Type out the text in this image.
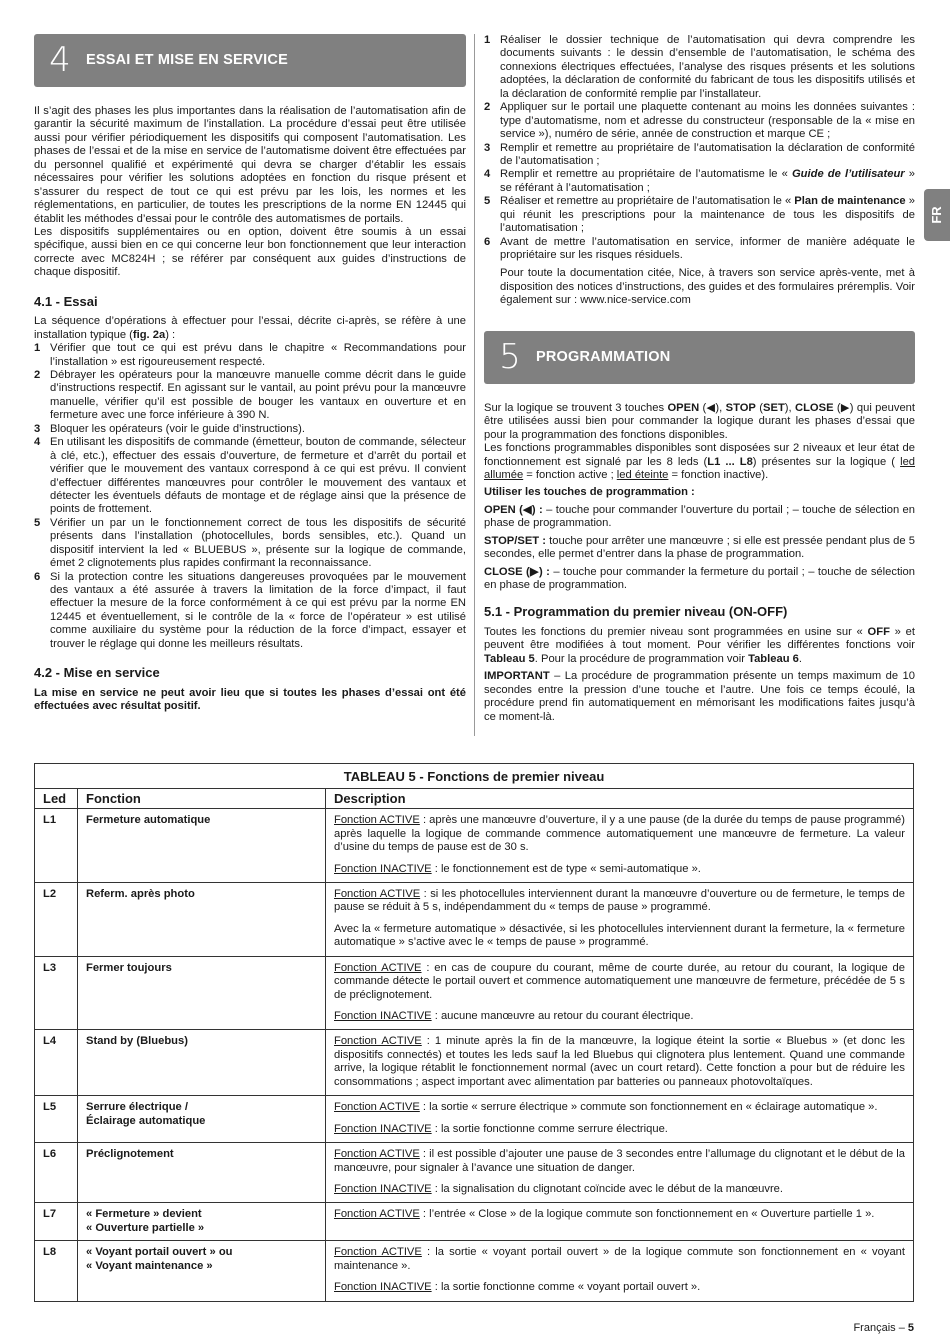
4	ESSAI ET MISE EN SERVICE

Il s’agit des phases les plus importantes dans la réalisation de l’automatisation afin de garantir la sécurité maximum de l’installation. La procédure d’essai peut être utilisée aussi pour vérifier périodiquement les dispositifs qui composent l’automatisation. Les phases de l’essai et de la mise en service de l’automatisme doivent être effectuées par du personnel qualifié et expérimenté qui devra se charger d’établir les essais nécessaires pour vérifier les solutions adoptées en fonction du risque présent et s’assurer du respect de tout ce qui est prévu par les lois, les normes et les réglementations, en particulier, de toutes les prescriptions de la norme EN 12445 qui établit les méthodes d’essai pour le contrôle des automatismes de portails.

Les dispositifs supplémentaires ou en option, doivent être soumis à un essai spécifique, aussi bien en ce qui concerne leur bon fonctionnement que leur interaction correcte avec MC824H ; se référer par conséquent aux guides d’instructions de chaque dispositif.

4.1 - Essai

La séquence d’opérations à effectuer pour l’essai, décrite ci-après, se réfère à une installation typique (fig. 2a) :

1 Vérifier que tout ce qui est prévu dans le chapitre « Recommandations pour l’installation » est rigoureusement respecté.
2 Débrayer les opérateurs pour la manœuvre manuelle comme décrit dans le guide d’instructions respectif. En agissant sur le vantail, au point prévu pour la manœuvre manuelle, vérifier qu’il est possible de bouger les vantaux en ouverture et en fermeture avec une force inférieure à 390 N.
3 Bloquer les opérateurs (voir le guide d’instructions).
4 En utilisant les dispositifs de commande (émetteur, bouton de commande, sélecteur à clé, etc.), effectuer des essais d’ouverture, de fermeture et d’arrêt du portail et vérifier que le mouvement des vantaux correspond à ce qui est prévu. Il convient d’effectuer différentes manœuvres pour contrôler le mouvement des vantaux et détecter les éventuels défauts de montage et de réglage ainsi que la présence de points de frottement.
5 Vérifier un par un le fonctionnement correct de tous les dispositifs de sécurité présents dans l’installation (photocellules, bords sensibles, etc.). Quand un dispositif intervient la led « BLUEBUS », présente sur la logique de commande, émet 2 clignotements plus rapides confirmant la reconnaissance.
6 Si la protection contre les situations dangereuses provoquées par le mouvement des vantaux a été assurée à travers la limitation de la force d’impact, il faut effectuer la mesure de la force conformément à ce qui est prévu par la norme EN 12445 et éventuellement, si le contrôle de la « force de l’opérateur » est utilisé comme auxiliaire du système pour la réduction de la force d’impact, essayer et trouver le réglage qui donne les meilleurs résultats.
4.2 - Mise en service

La mise en service ne peut avoir lieu que si toutes les phases d’essai ont été effectuées avec résultat positif.

1 Réaliser le dossier technique de l’automatisation qui devra comprendre les documents suivants : le dessin d’ensemble de l’automatisation, le schéma des connexions électriques effectuées, l’analyse des risques présents et les solutions adoptées, la déclaration de conformité du fabricant de tous les dispositifs utilisés et la déclaration de conformité remplie par l’installateur.
2 Appliquer sur le portail une plaquette contenant au moins les données suivantes : type d’automatisme, nom et adresse du constructeur (responsable de la « mise en service »), numéro de série, année de construction et marque CE ;
3 Remplir et remettre au propriétaire de l’automatisation la déclaration de conformité de l’automatisation ;
4 Remplir et remettre au propriétaire de l’automatisme le « Guide de l’utilisateur » se référant à l’automatisation ;
5 Réaliser et remettre au propriétaire de l’automatisation le « Plan de maintenance » qui réunit les prescriptions pour la maintenance de tous les dispositifs de l’automatisation ;
6 Avant de mettre l’automatisation en service, informer de manière adéquate le propriétaire sur les risques résiduels.

Pour toute la documentation citée, Nice, à travers son service après-vente, met à disposition des notices d’instructions, des guides et des formulaires préremplis. Voir également sur : www.nice-service.com

5	PROGRAMMATION

Sur la logique se trouvent 3 touches OPEN (◀), STOP (SET), CLOSE (▶) qui peuvent être utilisées aussi bien pour commander la logique durant les phases d’essai que pour la programmation des fonctions disponibles.

Les fonctions programmables disponibles sont disposées sur 2 niveaux et leur état de fonctionnement est signalé par les 8 leds (L1 ... L8) présentes sur la logique ( led allumée = fonction active ; led éteinte = fonction inactive).

Utiliser les touches de programmation :

OPEN (◀) : – touche pour commander l’ouverture du portail ; – touche de sélection en phase de programmation.

STOP/SET : touche pour arrêter une manœuvre ; si elle est pressée pendant plus de 5 secondes, elle permet d’entrer dans la phase de programmation.

CLOSE (▶) : – touche pour commander la fermeture du portail ; – touche de sélection en phase de programmation.

5.1 - Programmation du premier niveau (ON-OFF)

Toutes les fonctions du premier niveau sont programmées en usine sur « OFF » et peuvent être modifiées à tout moment. Pour vérifier les différentes fonctions voir Tableau 5. Pour la procédure de programmation voir Tableau 6.

IMPORTANT – La procédure de programmation présente un temps maximum de 10 secondes entre la pression d’une touche et l’autre. Une fois ce temps écoulé, la procédure prend fin automatiquement en mémorisant les modifications faites jusqu’à ce moment-là.

FR
TABLEAU 5 - Fonctions de premier niveau
Led	Fonction	Description
L1	Fermeture automatique	Fonction ACTIVE : après une manœuvre d’ouverture, il y a une pause (de la durée du temps de pause programmé) après laquelle la logique de commande commence automatiquement une manœuvre de fermeture. La valeur d’usine du temps de pause est de 30 s.

Fonction INACTIVE : le fonctionnement est de type « semi-automatique ».

L2	Referm. après photo	Fonction ACTIVE : si les photocellules interviennent durant la manœuvre d’ouverture ou de fermeture, le temps de pause se réduit à 5 s, indépendamment du « temps de pause » programmé.

Avec la « fermeture automatique » désactivée, si les photocellules interviennent durant la fermeture, la « fermeture automatique » s’active avec le « temps de pause » programmé.

L3	Fermer toujours	Fonction ACTIVE : en cas de coupure du courant, même de courte durée, au retour du courant, la logique de commande détecte le portail ouvert et commence automatiquement une manœuvre de fermeture, précédée de 5 s de préclignotement.

Fonction INACTIVE : aucune manœuvre au retour du courant électrique.

L4	Stand by (Bluebus)	Fonction ACTIVE : 1 minute après la fin de la manœuvre, la logique éteint la sortie « Bluebus » (et donc les dispositifs connectés) et toutes les leds sauf la led Bluebus qui clignotera plus lentement. Quand une commande arrive, la logique rétablit le fonctionnement normal (avec un court retard). Cette fonction a pour but de réduire les consommations ; aspect important avec alimentation par batteries ou panneaux photovoltaïques.

L5	Serrure électrique /
Éclairage automatique

Fonction ACTIVE : la sortie « serrure électrique » commute son fonctionnement en « éclairage automatique ».

Fonction INACTIVE : la sortie fonctionne comme serrure électrique.

L6	Préclignotement	Fonction ACTIVE : il est possible d’ajouter une pause de 3 secondes entre l’allumage du clignotant et le début de la manœuvre, pour signaler à l’avance une situation de danger.

Fonction INACTIVE : la signalisation du clignotant coïncide avec le début de la manœuvre.

L7	« Fermeture » devient
« Ouverture partielle »

Fonction ACTIVE : l’entrée « Close » de la logique commute son fonctionnement en « Ouverture partielle 1 ».

L8	« Voyant portail ouvert » ou
« Voyant maintenance »

Fonction ACTIVE : la sortie « voyant portail ouvert » de la logique commute son fonctionnement en « voyant maintenance ».

Fonction INACTIVE : la sortie fonctionne comme « voyant portail ouvert ».

Français – 5
